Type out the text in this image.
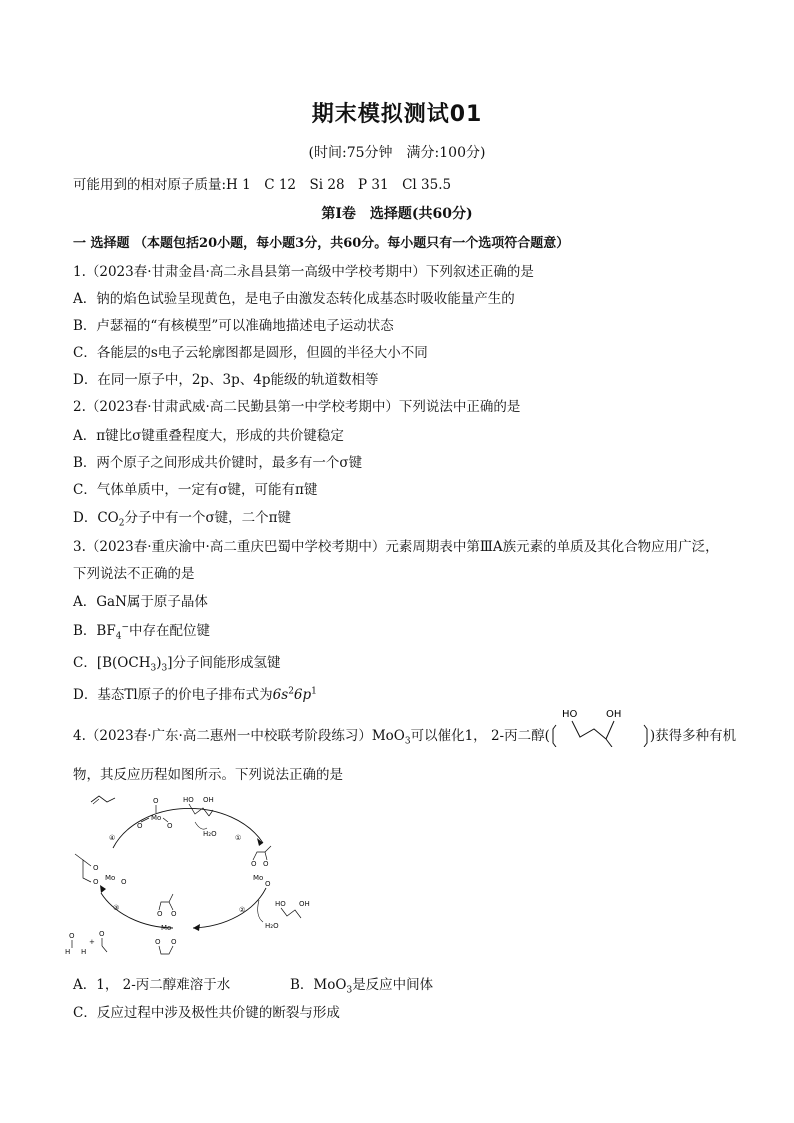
期末模拟测试01
(时间:75分钟　满分:100分)
可能用到的相对原子质量:H 1　C 12　Si 28　P 31　Cl 35.5
第Ⅰ卷　选择题(共60分)
一 选择题 （本题包括20小题，每小题3分，共60分。每小题只有一个选项符合题意）
1.（2023春·甘肃金昌·高二永昌县第一高级中学校考期中）下列叙述正确的是
A．钠的焰色试验呈现黄色，是电子由激发态转化成基态时吸收能量产生的
B．卢瑟福的“有核模型”可以准确地描述电子运动状态
C．各能层的s电子云轮廓图都是圆形，但圆的半径大小不同
D．在同一原子中，2p、3p、4p能级的轨道数相等
2.（2023春·甘肃武威·高二民勤县第一中学校考期中）下列说法中正确的是
A．π键比σ键重叠程度大，形成的共价键稳定
B．两个原子之间形成共价键时，最多有一个σ键
C．气体单质中，一定有σ键，可能有π键
D．$CO_2$分子中有一个σ键，二个π键
3.（2023春·重庆渝中·高二重庆巴蜀中学校考期中）元素周期表中第ⅢA族元素的单质及其化合物应用广泛，
下列说法不正确的是
A．GaN属于原子晶体
B．$BF_4^-$中存在配位键
C．$[B(OCH_3)_3]$分子间能形成氢键
D．基态Tl原子的价电子排布式为$6s^26p^1$
4.（2023春·广东·高二惠州一中校联考阶段练习）MoO$_3$可以催化1， 2-丙二醇(
HO	OH
)获得多种有机
物，其反应历程如图所示。下列说法正确的是
④	①
②
③
O
Mo
O	O
HO OH
H₂O
O O
Mo
O
HO OH
H₂O
O O
Mo
O O
O
O Mo O
O
H H
+
O
A．1， 2-丙二醇难溶于水	B．MoO$_3$是反应中间体
C．反应过程中涉及极性共价键的断裂与形成
